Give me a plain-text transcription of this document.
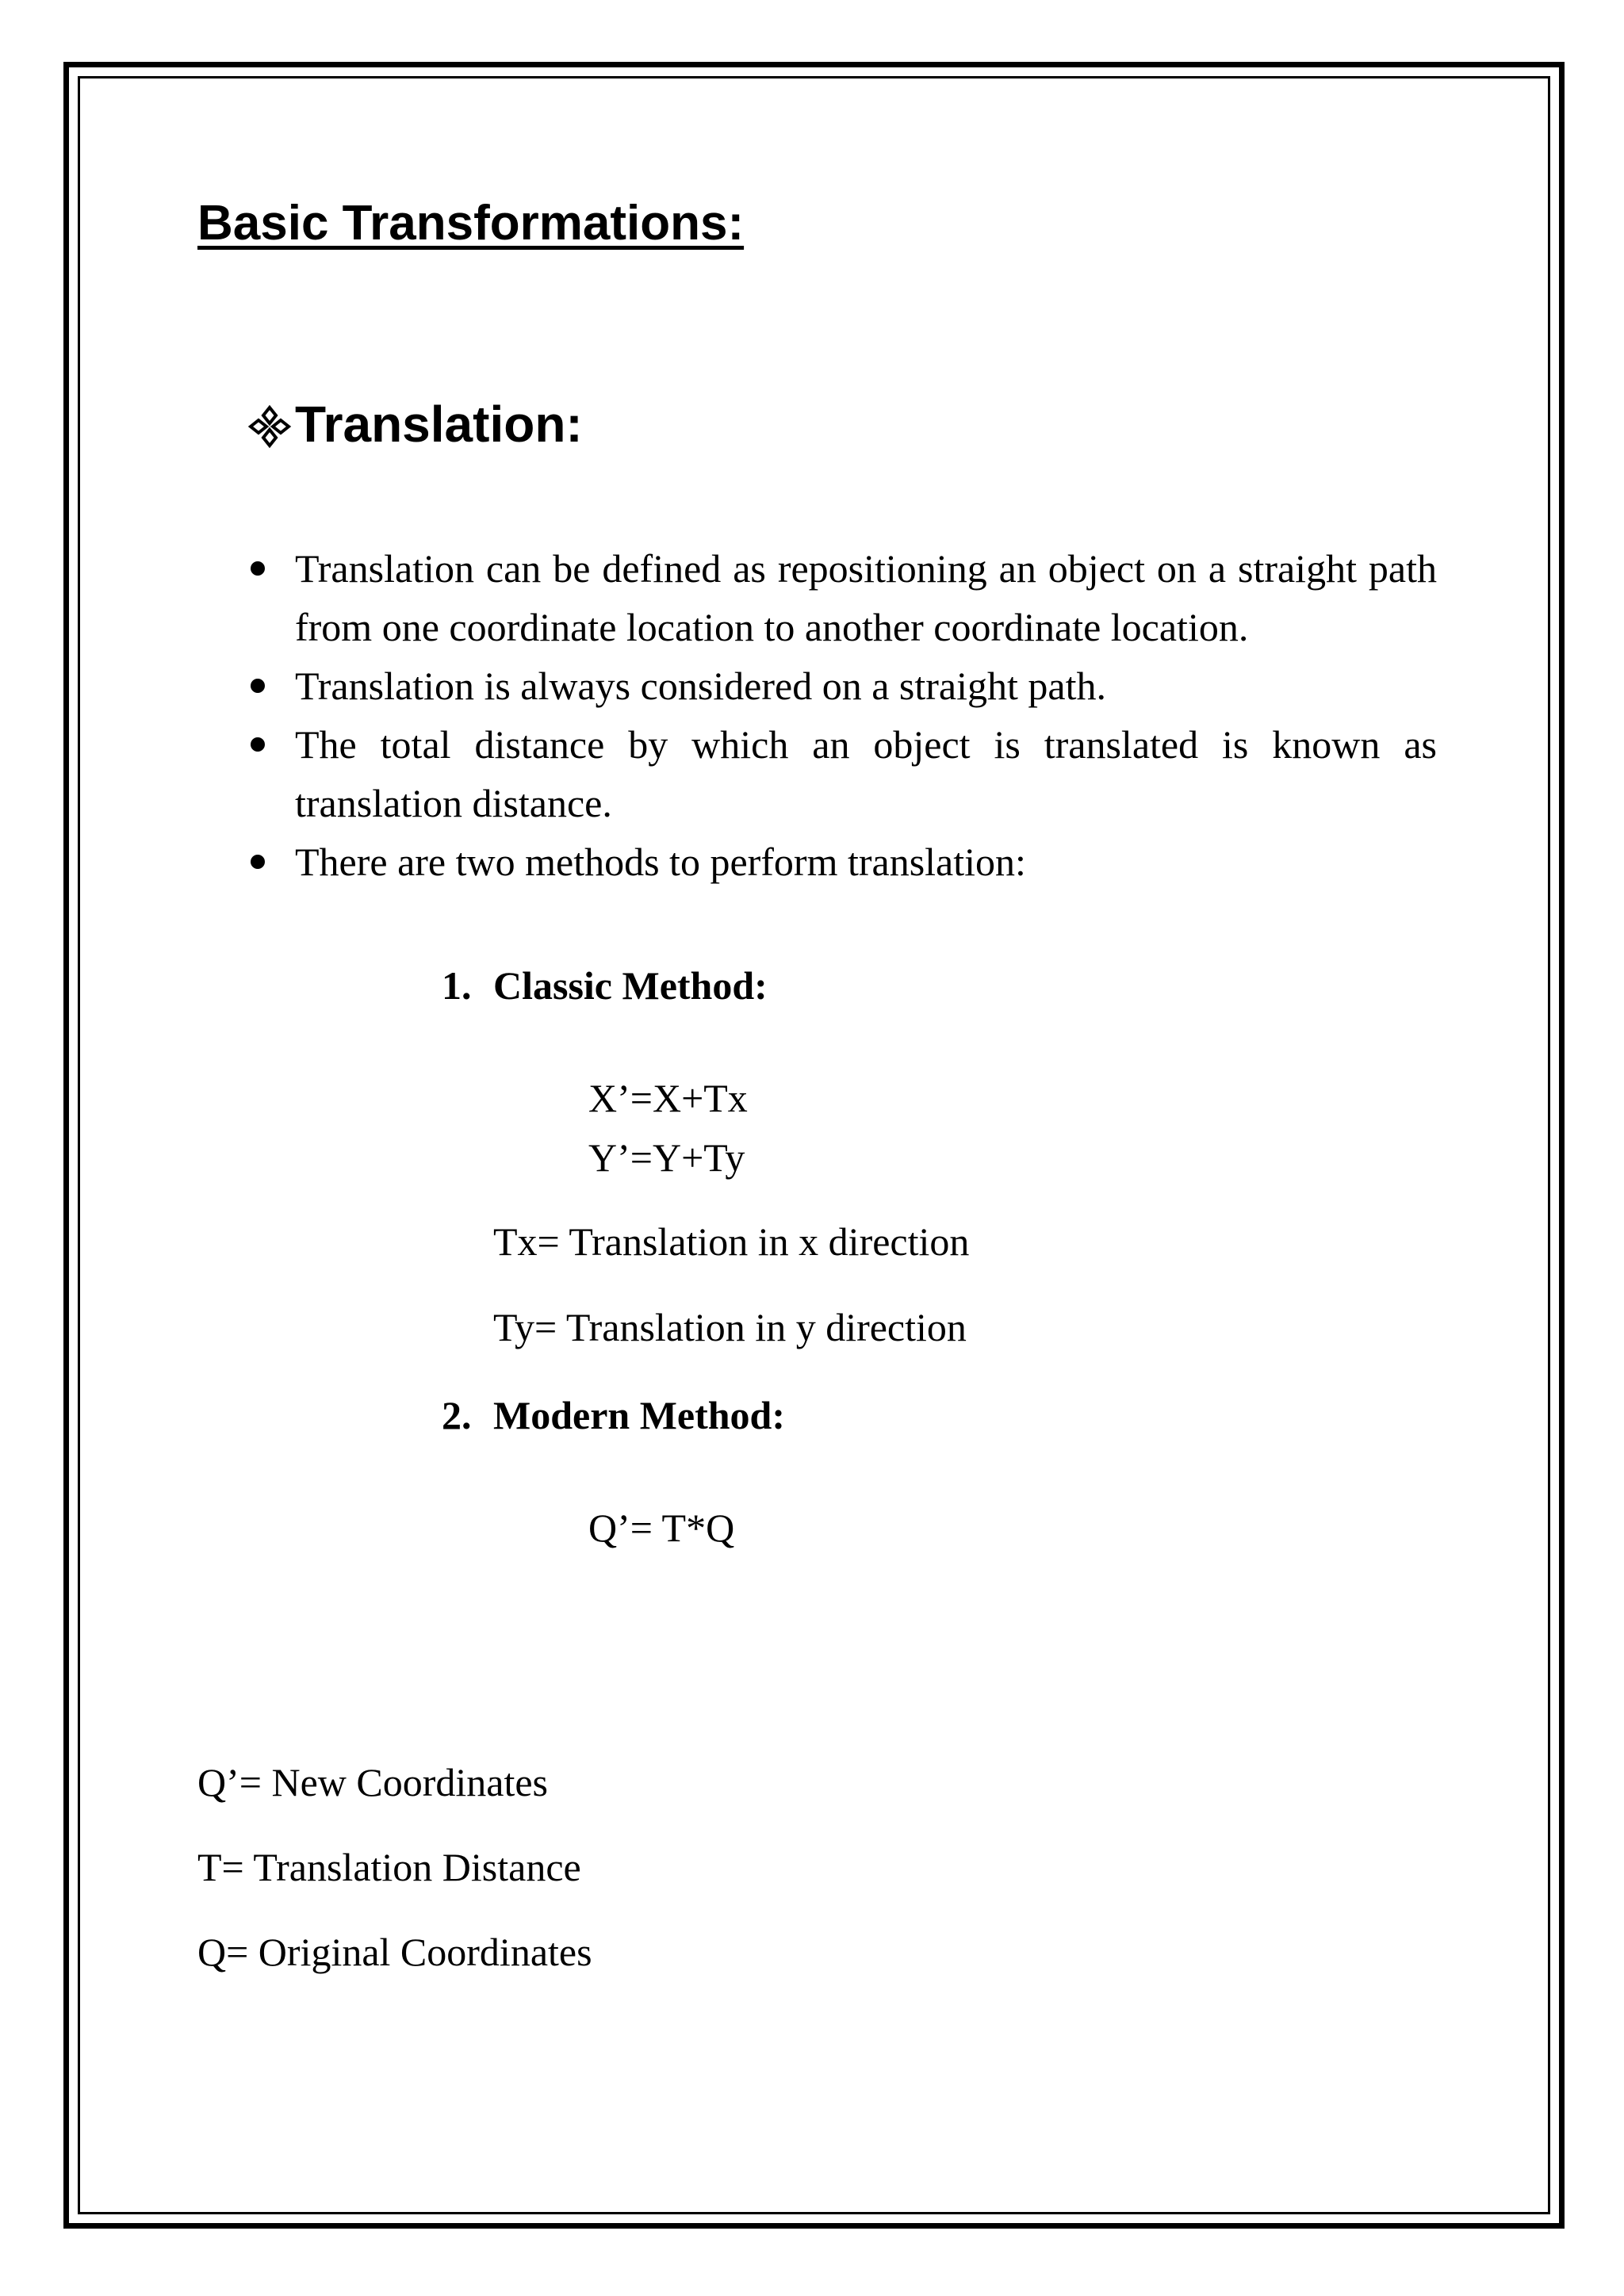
Basic Transformations:
Translation:
Translation can be defined as repositioning an object on a straight path from one coordinate location to another coordinate location.
Translation is always considered on a straight path.
The total distance by which an object is translated is known as translation distance.
There are two methods to perform translation:
1. Classic Method:
X’=X+Tx
Y’=Y+Ty
Tx= Translation in x direction
Ty= Translation in y direction
2. Modern Method:
Q’= T*Q
Q’= New Coordinates
T= Translation Distance
Q= Original Coordinates
